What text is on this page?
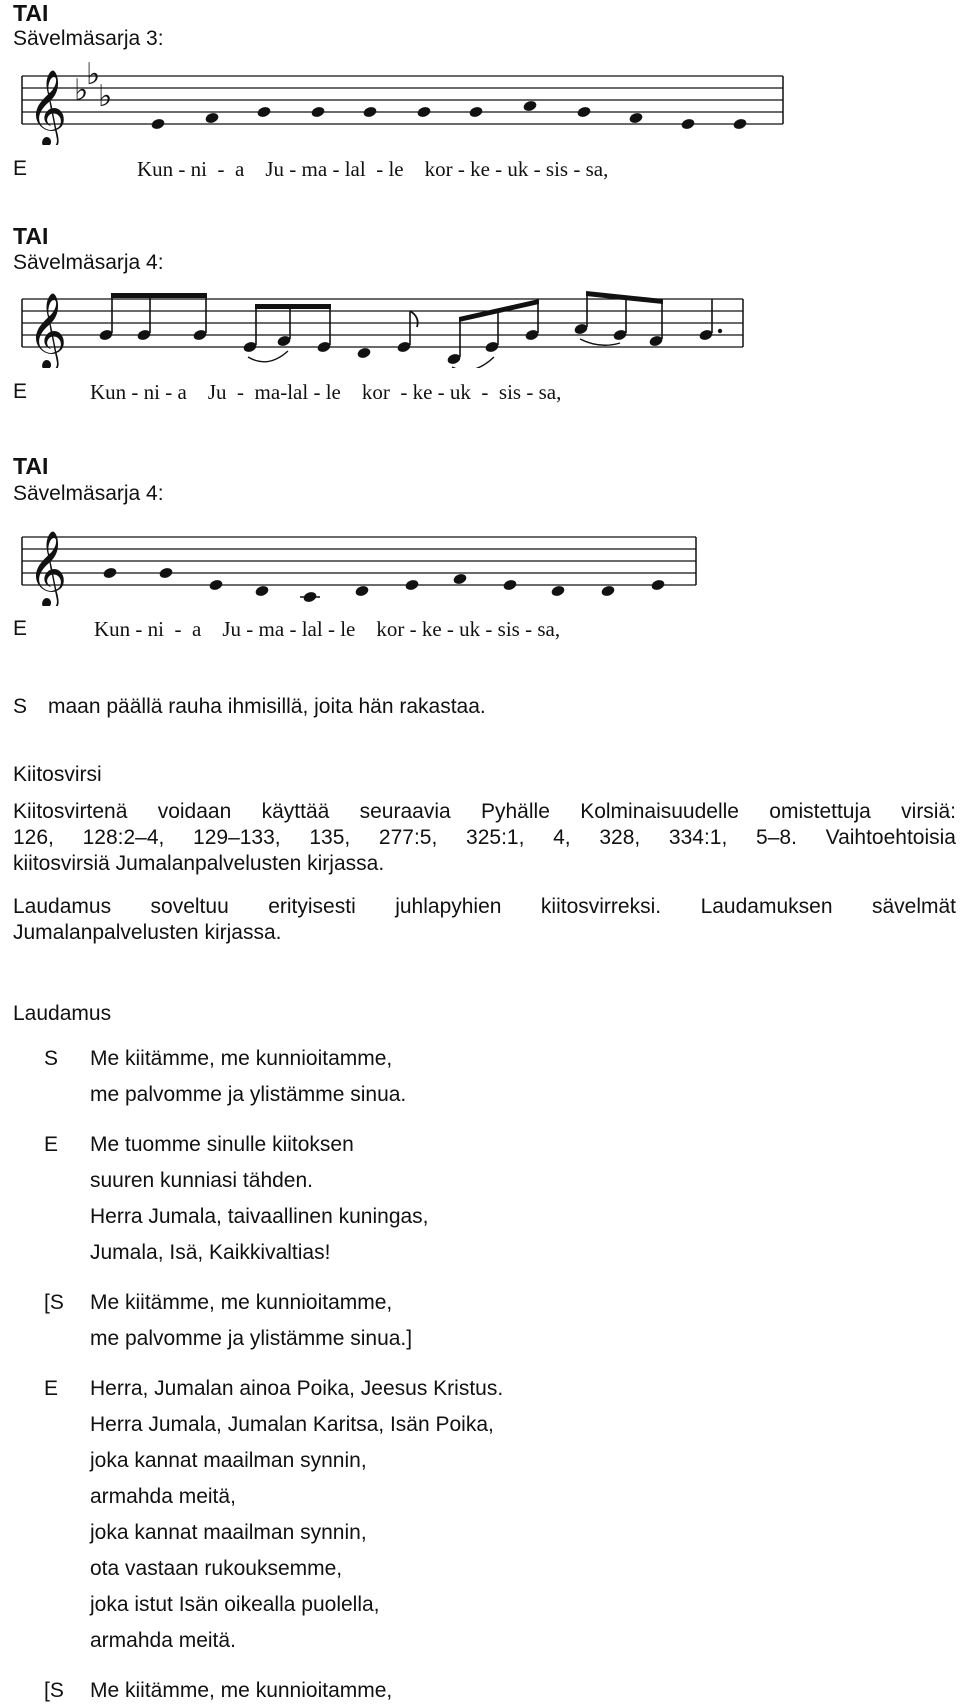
TAI
Sävelmäsarja 3:
𝄞 ♭
♭
♭
E	Kun - ni - a Ju - ma - lal - le kor - ke - uk - sis - sa,
TAI
Sävelmäsarja 4:
𝄞
E	Kun - ni - a Ju - ma-lal - le kor - ke - uk - sis - sa,
TAI
Sävelmäsarja 4:
𝄞
E	Kun - ni - a Ju - ma - lal - le kor - ke - uk - sis - sa,
S maan päällä rauha ihmisillä, joita hän rakastaa.
Kiitosvirsi
Kiitosvirtenä voidaan käyttää seuraavia Pyhälle Kolminaisuudelle omistettuja virsiä:
126, 128:2–4, 129–133, 135, 277:5, 325:1, 4, 328, 334:1, 5–8. Vaihtoehtoisia
kiitosvirsiä Jumalanpalvelusten kirjassa.
Laudamus soveltuu erityisesti juhlapyhien kiitosvirreksi. Laudamuksen sävelmät
Jumalanpalvelusten kirjassa.
Laudamus
S Me kiitämme, me kunnioitamme,
me palvomme ja ylistämme sinua.
E Me tuomme sinulle kiitoksen
suuren kunniasi tähden.
Herra Jumala, taivaallinen kuningas,
Jumala, Isä, Kaikkivaltias!
[S Me kiitämme, me kunnioitamme,
me palvomme ja ylistämme sinua.]
E Herra, Jumalan ainoa Poika, Jeesus Kristus.
Herra Jumala, Jumalan Karitsa, Isän Poika,
joka kannat maailman synnin,
armahda meitä,
joka kannat maailman synnin,
ota vastaan rukouksemme,
joka istut Isän oikealla puolella,
armahda meitä.
[S Me kiitämme, me kunnioitamme,
